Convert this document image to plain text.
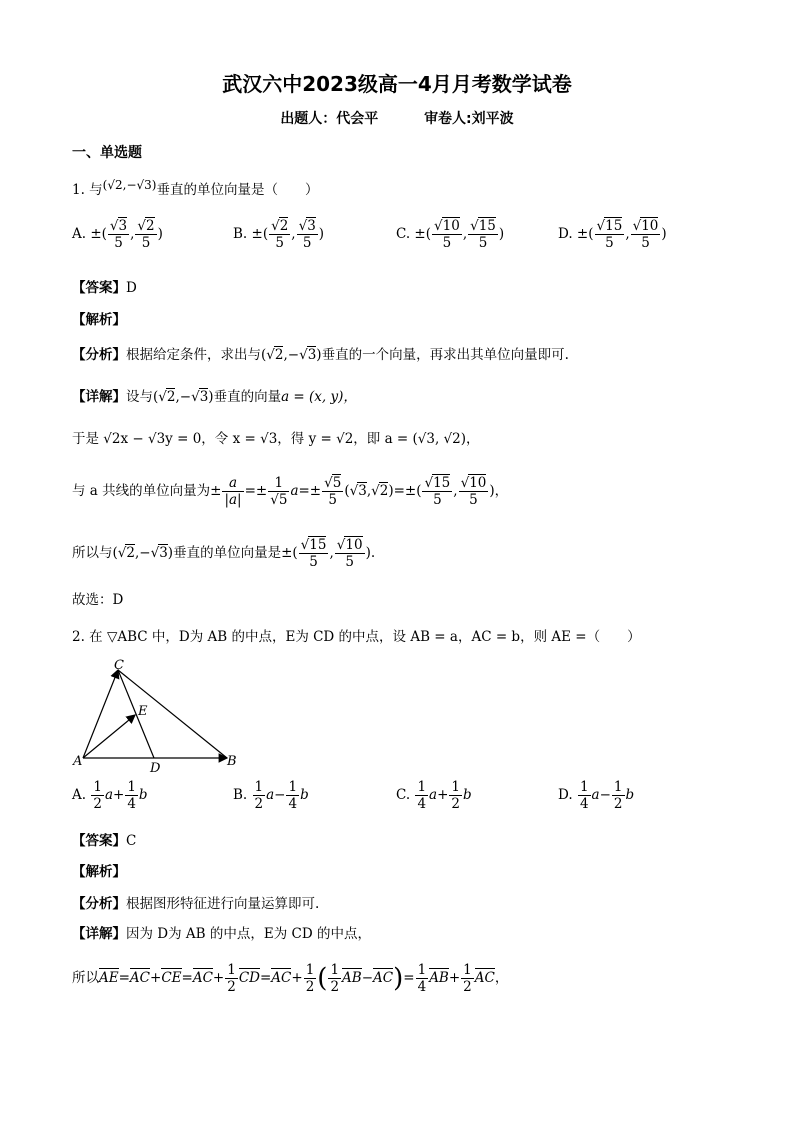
武汉六中2023级高一4月月考数学试卷
出题人：代会平	审卷人:刘平波
一、单选题
1. 与(√2,−√3)垂直的单位向量是（　　）
A. ±( $\frac{√3}{5}$ , $\frac{√2}{5}$ )	B. ±( $\frac{√2}{5}$ , $\frac{√3}{5}$ )	C. ±( $\frac{√10}{5}$ , $\frac{√15}{5}$ )	D. ±( $\frac{√15}{5}$ , $\frac{√10}{5}$ )
【答案】D
【解析】
【分析】根据给定条件，求出与(√2,−√3)垂直的一个向量，再求出其单位向量即可.
【详解】设与(√2,−√3)垂直的向量a = (x, y)，
于是 √2x − √3y = 0，令 x = √3，得 y = √2，即 a = (√3, √2)，
与 a 共线的单位向量为± $\frac{a}{|a|} =\pm \frac{1}{√5} a=\pm \frac{√5}{5} (√3,√2)=\pm( \frac{√15}{5}$ , $\frac{√10}{5}$ )，
所以与(√2,−√3)垂直的单位向量是±( $\frac{√15}{5}$ , $\frac{√10}{5}$ ).
故选：D
2. 在 ▽ABC 中，D为 AB 的中点，E为 CD 的中点，设 AB = a，AC = b，则 AE =（　　）
C
E
A	D	B
A. $\frac{1}{2} a+ \frac{1}{4}$ b	B. $\frac{1}{2} a- \frac{1}{4}$ b	C. $\frac{1}{4} a+ \frac{1}{2}$ b	D. $\frac{1}{4} a- \frac{1}{2}$ b
【答案】C
【解析】
【分析】根据图形特征进行向量运算即可.
【详解】因为 D为 AB 的中点，E为 CD 的中点，
所以$AE=AC+CE=AC+ \frac{1}{2} CD=AC+ \frac{1}{2}$ ( $\frac{1}{2} AB-AC)= \frac{1}{4} AB+ \frac{1}{2}$ AC，
